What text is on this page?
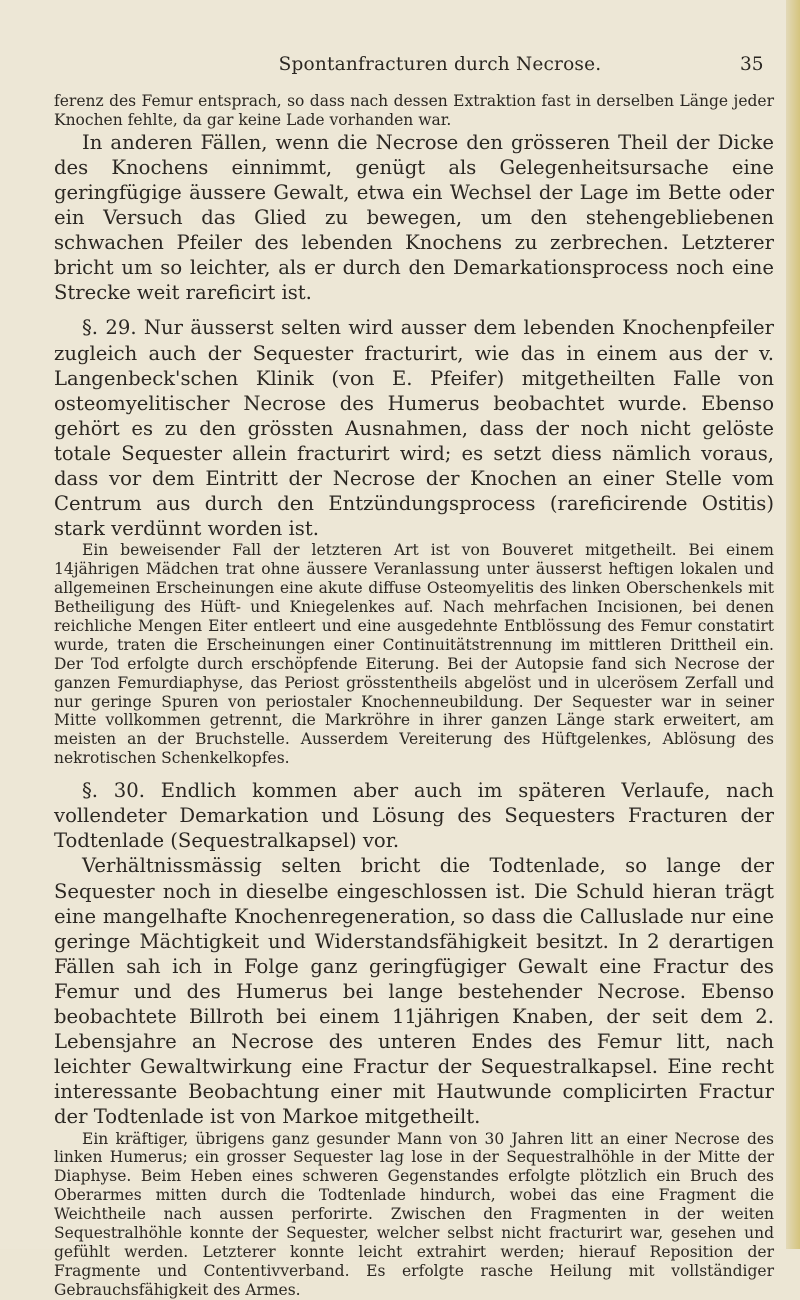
Spontanfracturen durch Necrose.	35

ferenz des Femur entsprach, so dass nach dessen Extraktion fast in derselben Länge jeder Knochen fehlte, da gar keine Lade vorhanden war.

In anderen Fällen, wenn die Necrose den grösseren Theil der Dicke des Knochens einnimmt, genügt als Gelegenheitsursache eine geringfügige äussere Gewalt, etwa ein Wechsel der Lage im Bette oder ein Versuch das Glied zu bewegen, um den stehengebliebenen schwachen Pfeiler des lebenden Knochens zu zerbrechen. Letzterer bricht um so leichter, als er durch den Demarkationsprocess noch eine Strecke weit rareficirt ist.

§. 29. Nur äusserst selten wird ausser dem lebenden Knochenpfeiler zugleich auch der Sequester fracturirt, wie das in einem aus der v. Langenbeck'schen Klinik (von E. Pfeifer) mitgetheilten Falle von osteomyelitischer Necrose des Humerus beobachtet wurde. Ebenso gehört es zu den grössten Ausnahmen, dass der noch nicht gelöste totale Sequester allein fracturirt wird; es setzt diess nämlich voraus, dass vor dem Eintritt der Necrose der Knochen an einer Stelle vom Centrum aus durch den Entzündungsprocess (rareficirende Ostitis) stark verdünnt worden ist.

Ein beweisender Fall der letzteren Art ist von Bouveret mitgetheilt. Bei einem 14jährigen Mädchen trat ohne äussere Veranlassung unter äusserst heftigen lokalen und allgemeinen Erscheinungen eine akute diffuse Osteomyelitis des linken Oberschenkels mit Betheiligung des Hüft- und Kniegelenkes auf. Nach mehrfachen Incisionen, bei denen reichliche Mengen Eiter entleert und eine ausgedehnte Entblössung des Femur constatirt wurde, traten die Erscheinungen einer Continuitätstrennung im mittleren Drittheil ein. Der Tod erfolgte durch erschöpfende Eiterung. Bei der Autopsie fand sich Necrose der ganzen Femurdiaphyse, das Periost grösstentheils abgelöst und in ulcerösem Zerfall und nur geringe Spuren von periostaler Knochenneubildung. Der Sequester war in seiner Mitte vollkommen getrennt, die Markröhre in ihrer ganzen Länge stark erweitert, am meisten an der Bruchstelle. Ausserdem Vereiterung des Hüftgelenkes, Ablösung des nekrotischen Schenkelkopfes.

§. 30. Endlich kommen aber auch im späteren Verlaufe, nach vollendeter Demarkation und Lösung des Sequesters Fracturen der Todtenlade (Sequestralkapsel) vor.

Verhältnissmässig selten bricht die Todtenlade, so lange der Sequester noch in dieselbe eingeschlossen ist. Die Schuld hieran trägt eine mangelhafte Knochenregeneration, so dass die Calluslade nur eine geringe Mächtigkeit und Widerstandsfähigkeit besitzt. In 2 derartigen Fällen sah ich in Folge ganz geringfügiger Gewalt eine Fractur des Femur und des Humerus bei lange bestehender Necrose. Ebenso beobachtete Billroth bei einem 11jährigen Knaben, der seit dem 2. Lebensjahre an Necrose des unteren Endes des Femur litt, nach leichter Gewaltwirkung eine Fractur der Sequestralkapsel. Eine recht interessante Beobachtung einer mit Hautwunde complicirten Fractur der Todtenlade ist von Markoe mitgetheilt.

Ein kräftiger, übrigens ganz gesunder Mann von 30 Jahren litt an einer Necrose des linken Humerus; ein grosser Sequester lag lose in der Sequestralhöhle in der Mitte der Diaphyse. Beim Heben eines schweren Gegenstandes erfolgte plötzlich ein Bruch des Oberarmes mitten durch die Todtenlade hindurch, wobei das eine Fragment die Weichtheile nach aussen perforirte. Zwischen den Fragmenten in der weiten Sequestralhöhle konnte der Sequester, welcher selbst nicht fracturirt war, gesehen und gefühlt werden. Letzterer konnte leicht extrahirt werden; hierauf Reposition der Fragmente und Contentivverband. Es erfolgte rasche Heilung mit vollständiger Gebrauchsfähigkeit des Armes.
